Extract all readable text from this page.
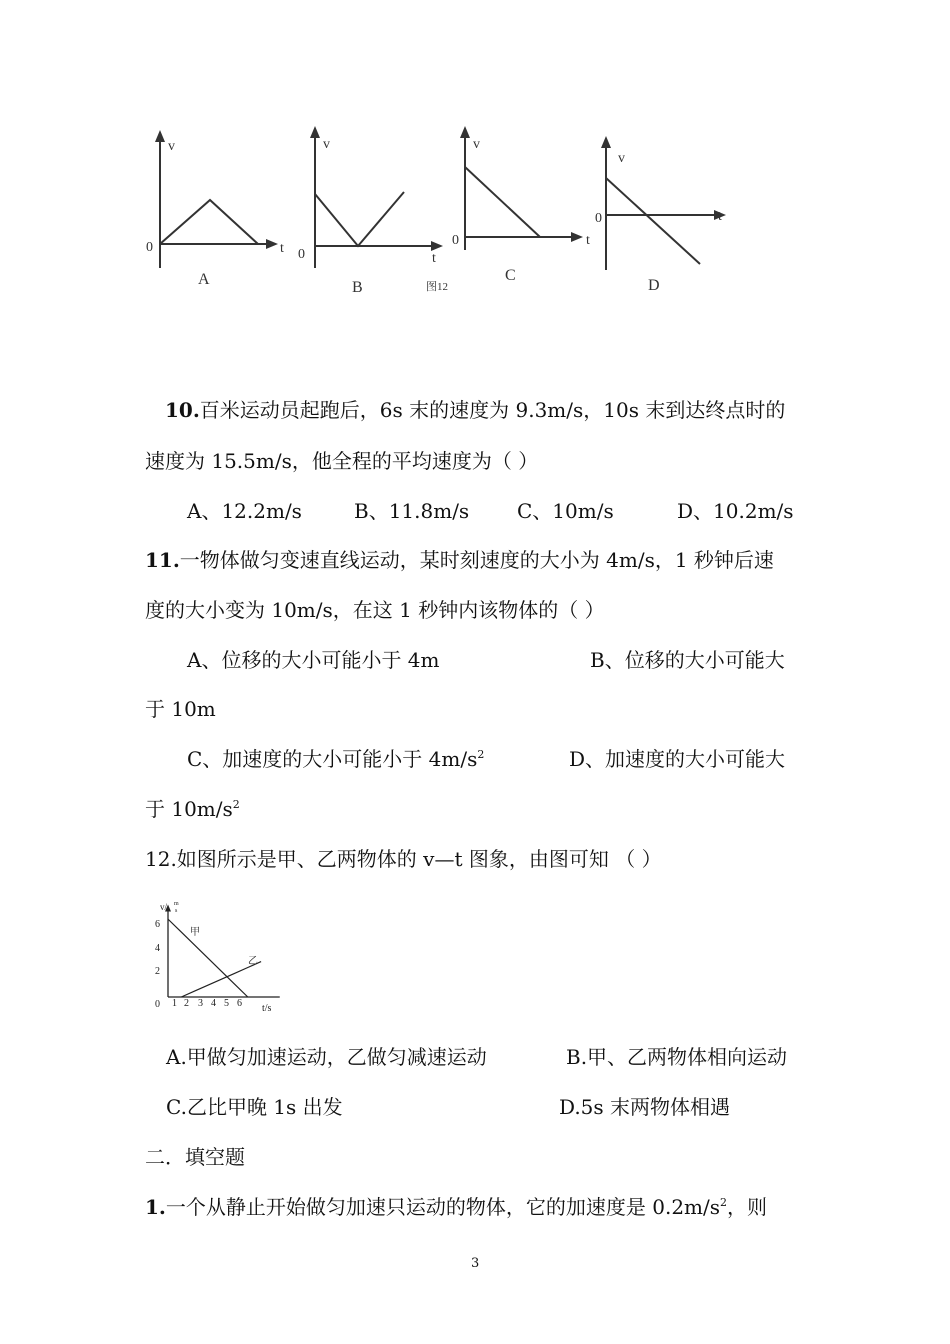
v
0	t
A
v
0	t
B	图12
v
0	t
C
v
0	t
D
10.百米运动员起跑后，6s 末的速度为 9.3m/s，10s 末到达终点时的
速度为 15.5m/s，他全程的平均速度为（ ）
A、12.2m/s	B、11.8m/s C、10m/s	D、10.2m/s
11.一物体做匀变速直线运动，某时刻速度的大小为 4m/s，1 秒钟后速
度的大小变为 10m/s，在这 1 秒钟内该物体的（ ）
A、位移的大小可能小于 4m	B、位移的大小可能大
于 10m
C、加速度的大小可能小于 $4m/s^2$	D、加速度的大小可能大
于 $10m/s^2$
12.如图所示是甲、乙两物体的 v—t 图象，由图可知 （ ）
v/ m
s
6
4
2
0 1 2 3 4 5 6 t/s
甲
乙
A.甲做匀加速运动，乙做匀减速运动	B.甲、乙两物体相向运动
C.乙比甲晚 1s 出发	D.5s 末两物体相遇
二．填空题
1.一个从静止开始做匀加速只运动的物体，它的加速度是 $0.2m/s^2$，则
3
